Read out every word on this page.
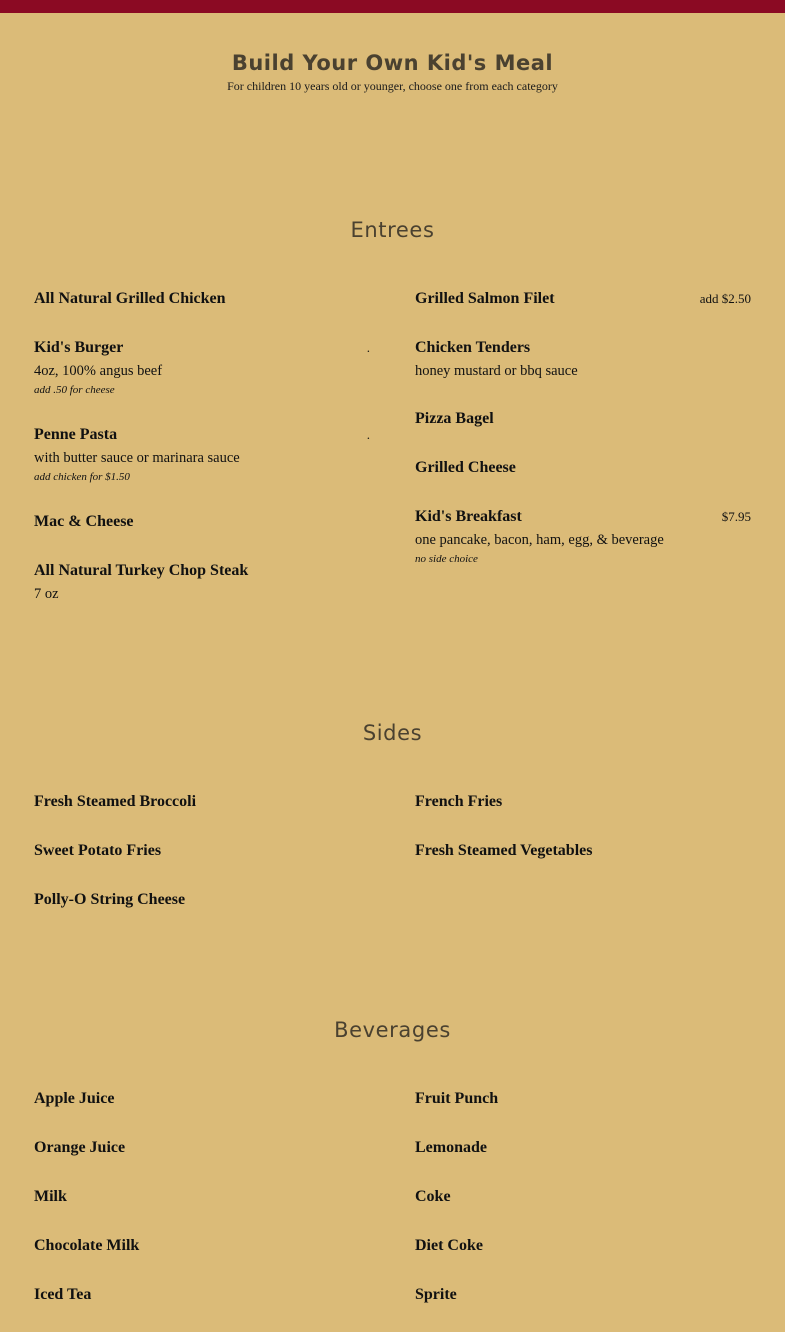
Build Your Own Kid's Meal
For children 10 years old or younger, choose one from each category
Entrees
All Natural Grilled Chicken
Kid's Burger	.
4oz, 100% angus beef
add .50 for cheese
Penne Pasta	.
with butter sauce or marinara sauce
add chicken for $1.50
Mac & Cheese
All Natural Turkey Chop Steak
7 oz
Grilled Salmon Filet	add $2.50
Chicken Tenders
honey mustard or bbq sauce
Pizza Bagel
Grilled Cheese
Kid's Breakfast	$7.95
one pancake, bacon, ham, egg, & beverage
no side choice
Sides
Fresh Steamed Broccoli
Sweet Potato Fries
Polly-O String Cheese
French Fries
Fresh Steamed Vegetables
Beverages
Apple Juice
Orange Juice
Milk
Chocolate Milk
Iced Tea
Fruit Punch
Lemonade
Coke
Diet Coke
Sprite
